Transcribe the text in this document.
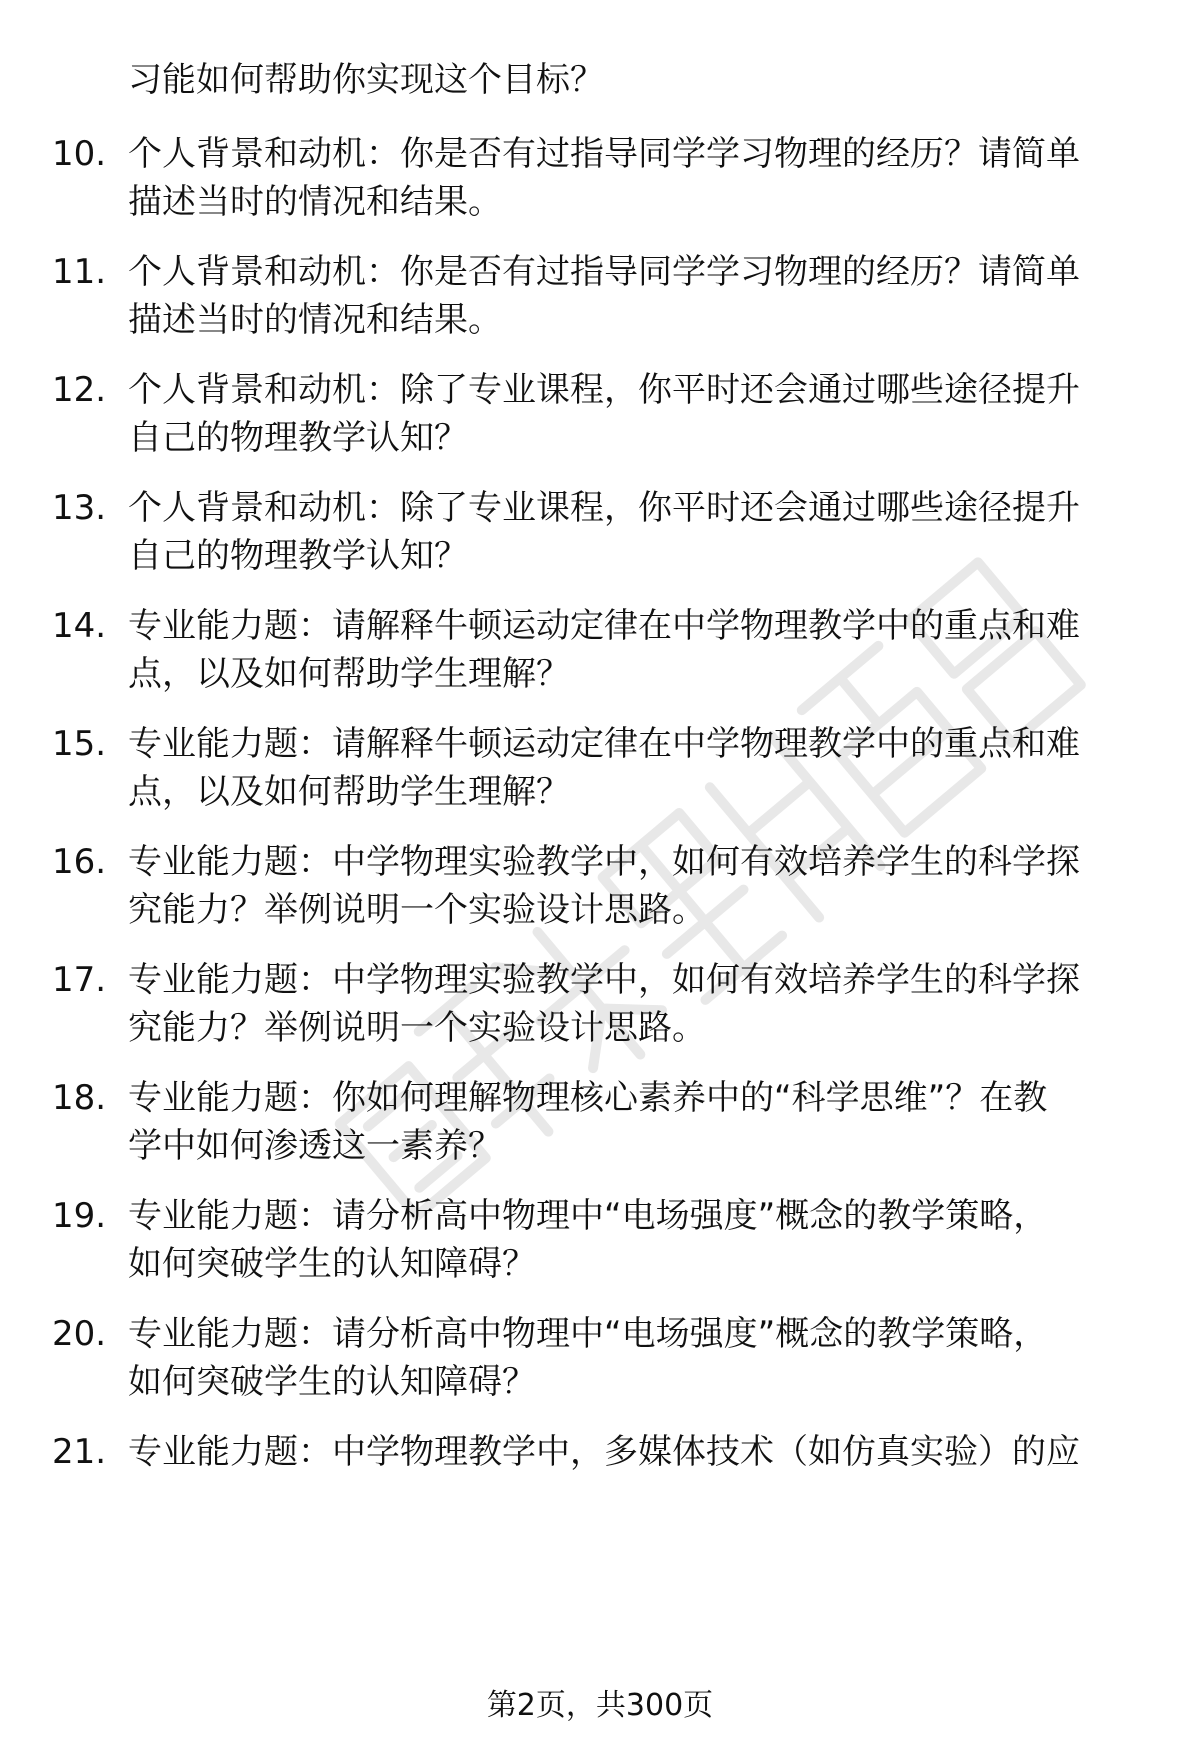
习能如何帮助你实现这个目标？
10. 个人背景和动机：你是否有过指导同学学习物理的经历？请简单
描述当时的情况和结果。
11. 个人背景和动机：你是否有过指导同学学习物理的经历？请简单
描述当时的情况和结果。
12. 个人背景和动机：除了专业课程，你平时还会通过哪些途径提升
自己的物理教学认知？
13. 个人背景和动机：除了专业课程，你平时还会通过哪些途径提升
自己的物理教学认知？
14. 专业能力题：请解释牛顿运动定律在中学物理教学中的重点和难
点，以及如何帮助学生理解？
15. 专业能力题：请解释牛顿运动定律在中学物理教学中的重点和难
点，以及如何帮助学生理解？
16. 专业能力题：中学物理实验教学中，如何有效培养学生的科学探
究能力？举例说明一个实验设计思路。
17. 专业能力题：中学物理实验教学中，如何有效培养学生的科学探
究能力？举例说明一个实验设计思路。
18. 专业能力题：你如何理解物理核心素养中的“科学思维”？在教
学中如何渗透这一素养？
19. 专业能力题：请分析高中物理中“电场强度”概念的教学策略，
如何突破学生的认知障碍？
20. 专业能力题：请分析高中物理中“电场强度”概念的教学策略，
如何突破学生的认知障碍？
21. 专业能力题：中学物理教学中，多媒体技术（如仿真实验）的应
第2页，共300页
